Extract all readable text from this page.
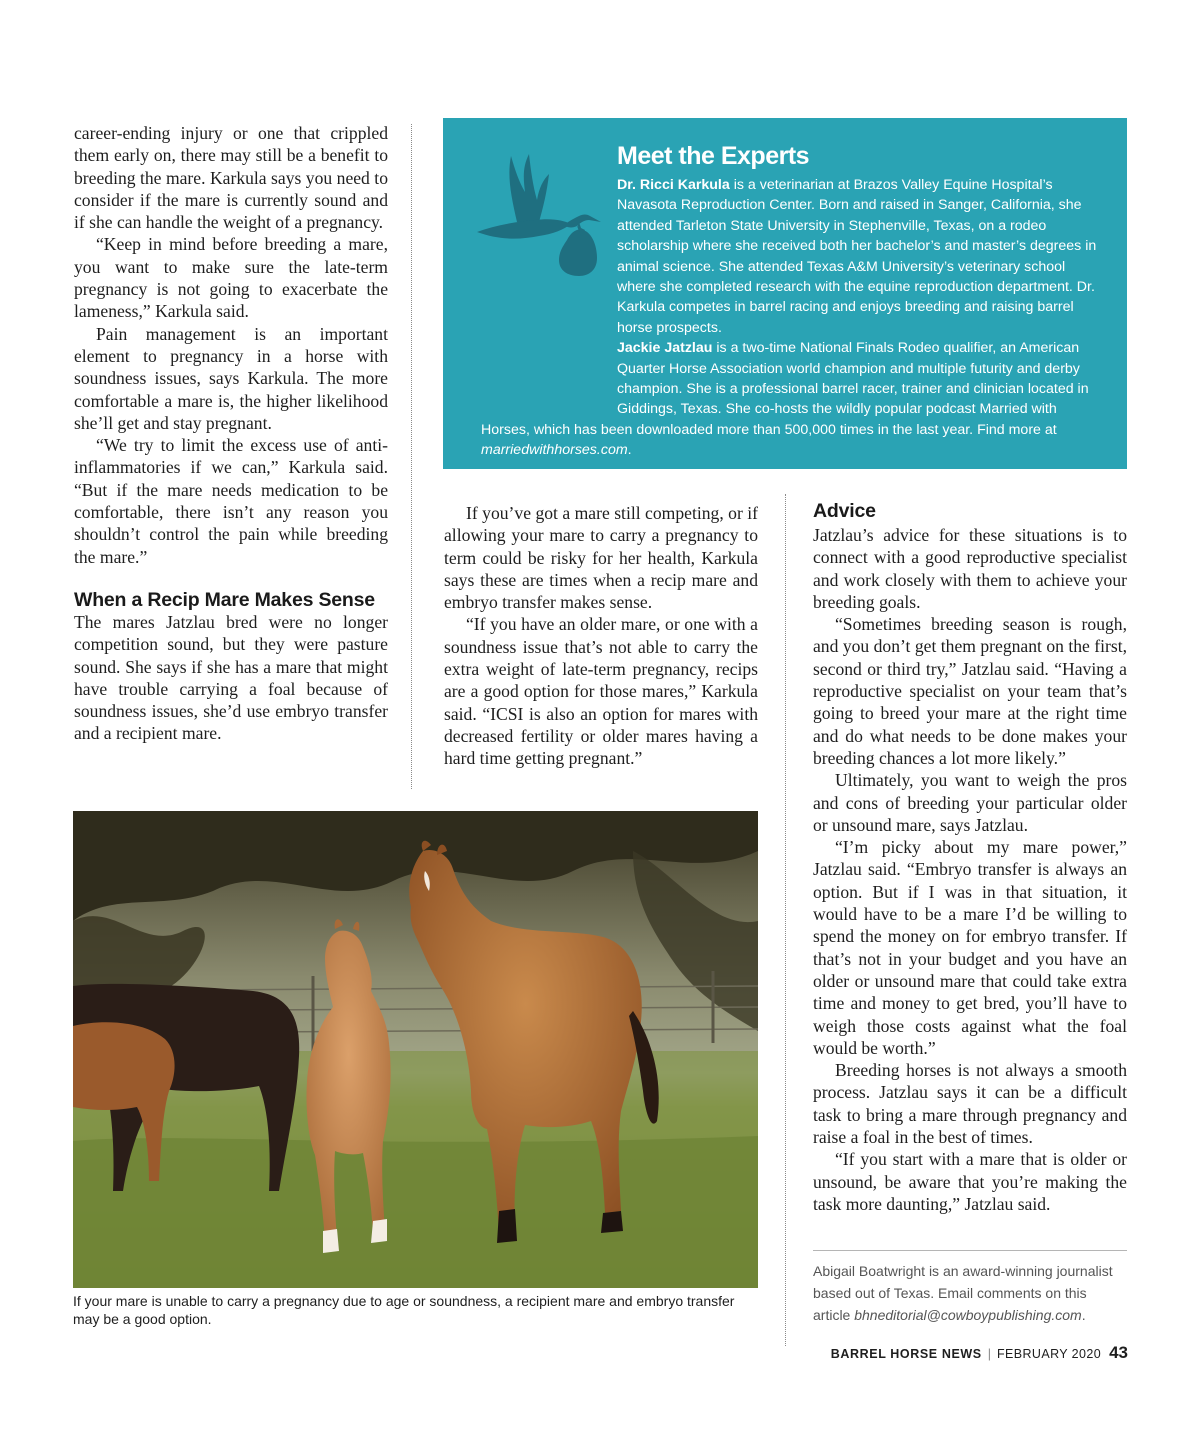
career-ending injury or one that crippled them early on, there may still be a benefit to breeding the mare. Karkula says you need to consider if the mare is currently sound and if she can handle the weight of a pregnancy.

“Keep in mind before breeding a mare, you want to make sure the late-term pregnancy is not going to exacerbate the lameness,” Karkula said.

Pain management is an important element to pregnancy in a horse with soundness issues, says Karkula. The more comfortable a mare is, the higher likelihood she’ll get and stay pregnant.

“We try to limit the excess use of anti-inflammatories if we can,” Karkula said. “But if the mare needs medication to be comfortable, there isn’t any reason you shouldn’t control the pain while breeding the mare.”

When a Recip Mare Makes Sense

The mares Jatzlau bred were no longer competition sound, but they were pasture sound. She says if she has a mare that might have trouble carrying a foal because of soundness issues, she’d use embryo transfer and a recipient mare.

Meet the Experts

Dr. Ricci Karkula is a veterinarian at Brazos Valley Equine Hospital’s Navasota Reproduction Center. Born and raised in Sanger, California, she attended Tarleton State University in Stephenville, Texas, on a rodeo scholarship where she received both her bachelor’s and master’s degrees in animal science. She attended Texas A&M University’s veterinary school where she completed research with the equine reproduction department. Dr. Karkula competes in barrel racing and enjoys breeding and raising barrel horse prospects.

Jackie Jatzlau is a two-time National Finals Rodeo qualifier, an American Quarter Horse Association world champion and multiple futurity and derby champion. She is a professional barrel racer, trainer and clinician located in Giddings, Texas. She co-hosts the wildly popular podcast Married with Horses, which has been downloaded more than 500,000 times in the last year. Find more at marriedwithhorses.com.

If you’ve got a mare still competing, or if allowing your mare to carry a pregnancy to term could be risky for her health, Karkula says these are times when a recip mare and embryo transfer makes sense.

“If you have an older mare, or one with a soundness issue that’s not able to carry the extra weight of late-term pregnancy, recips are a good option for those mares,” Karkula said. “ICSI is also an option for mares with decreased fertility or older mares having a hard time getting pregnant.”

Advice

Jatzlau’s advice for these situations is to connect with a good reproductive specialist and work closely with them to achieve your breeding goals.

“Sometimes breeding season is rough, and you don’t get them pregnant on the first, second or third try,” Jatzlau said. “Having a reproductive specialist on your team that’s going to breed your mare at the right time and do what needs to be done makes your breeding chances a lot more likely.”

Ultimately, you want to weigh the pros and cons of breeding your particular older or unsound mare, says Jatzlau.

“I’m picky about my mare power,” Jatzlau said. “Embryo transfer is always an option. But if I was in that situation, it would have to be a mare I’d be willing to spend the money on for embryo transfer. If that’s not in your budget and you have an older or unsound mare that could take extra time and money to get bred, you’ll have to weigh those costs against what the foal would be worth.”

Breeding horses is not always a smooth process. Jatzlau says it can be a difficult task to bring a mare through pregnancy and raise a foal in the best of times.

“If you start with a mare that is older or unsound, be aware that you’re making the task more daunting,” Jatzlau said.

If your mare is unable to carry a pregnancy due to age or soundness, a recipient mare and embryo transfer may be a good option.
Abigail Boatwright is an award-winning journalist based out of Texas. Email comments on this article bhneditorial@cowboypublishing.com.
BARREL HORSE NEWS | FEBRUARY 2020 43
